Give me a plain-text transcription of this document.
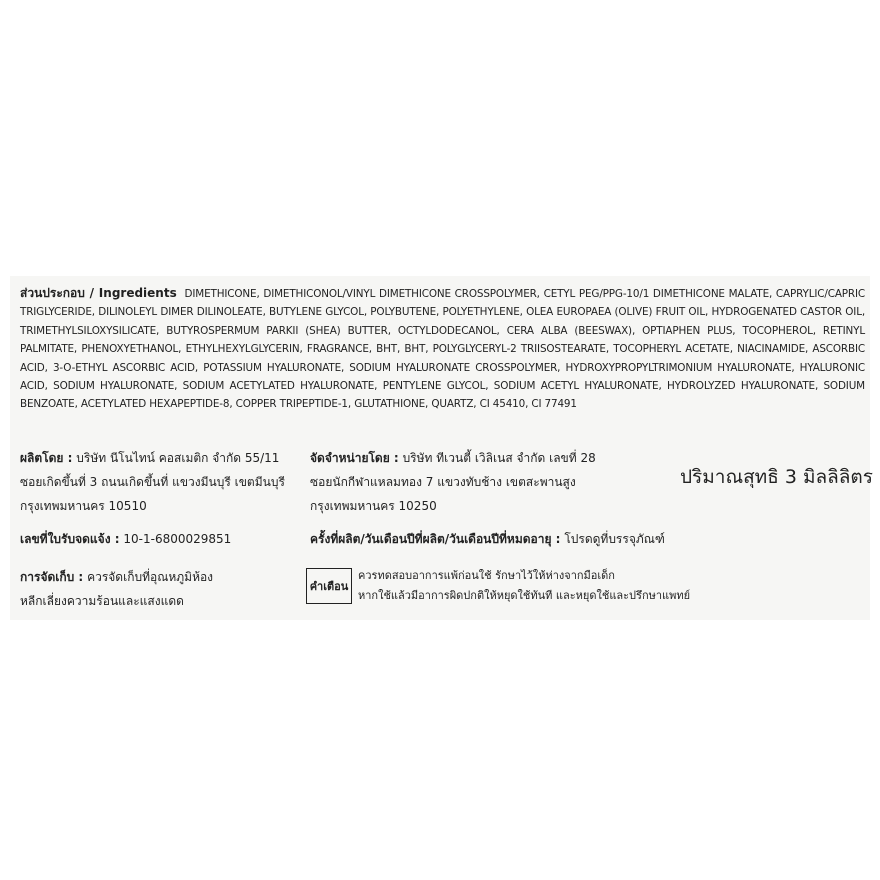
ส่วนประกอบ / Ingredients DIMETHICONE, DIMETHICONOL/VINYL DIMETHICONE CROSSPOLYMER, CETYL PEG/PPG-10/1 DIMETHICONE MALATE, CAPRYLIC/CAPRIC TRIGLYCERIDE, DILINOLEYL DIMER DILINOLEATE, BUTYLENE GLYCOL, POLYBUTENE, POLYETHYLENE, OLEA EUROPAEA (OLIVE) FRUIT OIL, HYDROGENATED CASTOR OIL, TRIMETHYLSILOXYSILICATE, BUTYROSPERMUM PARKII (SHEA) BUTTER, OCTYLDODECANOL, CERA ALBA (BEESWAX), OPTIAPHEN PLUS, TOCOPHEROL, RETINYL PALMITATE, PHENOXYETHANOL, ETHYLHEXYLGLYCERIN, FRAGRANCE, BHT, BHT, POLYGLYCERYL-2 TRIISOSTEARATE, TOCOPHERYL ACETATE, NIACINAMIDE, ASCORBIC ACID, 3-O-ETHYL ASCORBIC ACID, POTASSIUM HYALURONATE, SODIUM HYALURONATE CROSSPOLYMER, HYDROXYPROPYLTRIMONIUM HYALURONATE, HYALURONIC ACID, SODIUM HYALURONATE, SODIUM ACETYLATED HYALURONATE, PENTYLENE GLYCOL, SODIUM ACETYL HYALURONATE, HYDROLYZED HYALURONATE, SODIUM BENZOATE, ACETYLATED HEXAPEPTIDE-8, COPPER TRIPEPTIDE-1, GLUTATHIONE, QUARTZ, CI 45410, CI 77491
ผลิตโดย : บริษัท นีโนไทน์ คอสเมติก จำกัด 55/11
ซอยเกิดขึ้นที่ 3 ถนนเกิดขึ้นที่ แขวงมีนบุรี เขตมีนบุรี
กรุงเทพมหานคร 10510
จัดจำหน่ายโดย : บริษัท ทีเวนตี้ เวิลิเนส จำกัด เลขที่ 28
ซอยนักกีฬาแหลมทอง 7 แขวงทับช้าง เขตสะพานสูง
กรุงเทพมหานคร 10250
ปริมาณสุทธิ 3 มิลลิลิตร
เลขที่ใบรับจดแจ้ง : 10-1-6800029851	ครั้งที่ผลิต/วันเดือนปีที่ผลิต/วันเดือนปีที่หมดอายุ : โปรดดูที่บรรจุภัณฑ์
การจัดเก็บ : ควรจัดเก็บที่อุณหภูมิห้อง
หลีกเลี่ยงความร้อนและแสงแดด
คำเตือน
ควรทดสอบอาการแพ้ก่อนใช้ รักษาไว้ให้ห่างจากมือเด็ก
หากใช้แล้วมีอาการผิดปกติให้หยุดใช้ทันที และหยุดใช้และปรึกษาแพทย์
